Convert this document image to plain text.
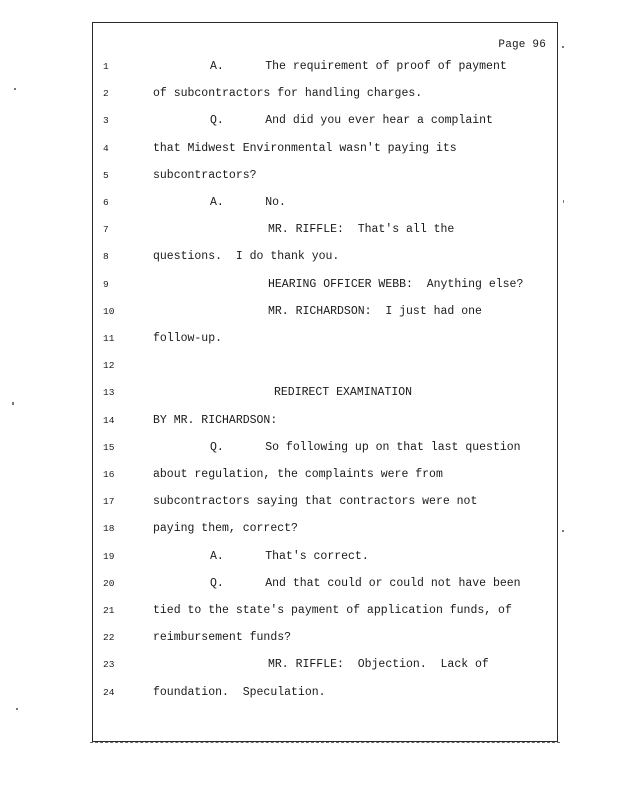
Page 96
1	A.      The requirement of proof of payment
2	of subcontractors for handling charges.
3	Q.      And did you ever hear a complaint
4	that Midwest Environmental wasn't paying its
5	subcontractors?
6	A.      No.
7	MR. RIFFLE:  That's all the
8	questions.  I do thank you.
9	HEARING OFFICER WEBB:  Anything else?
10	MR. RICHARDSON:  I just had one
11	follow-up.
12
13	REDIRECT EXAMINATION
14	BY MR. RICHARDSON:
15	Q.      So following up on that last question
16	about regulation, the complaints were from
17	subcontractors saying that contractors were not
18	paying them, correct?
19	A.      That's correct.
20	Q.      And that could or could not have been
21	tied to the state's payment of application funds, of
22	reimbursement funds?
23	MR. RIFFLE:  Objection.  Lack of
24	foundation.  Speculation.
